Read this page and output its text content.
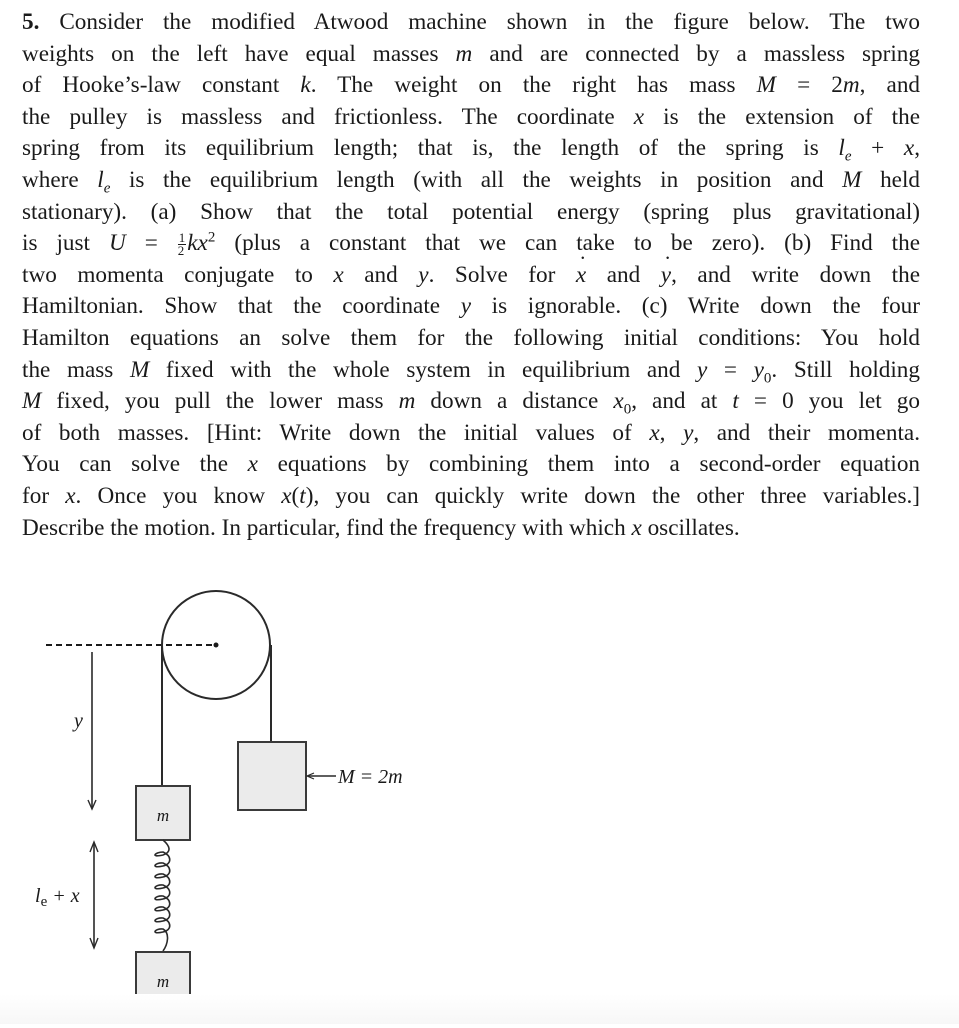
5. Consider the modified Atwood machine shown in the figure below. The two
weights on the left have equal masses m and are connected by a massless spring
of Hooke’s-law constant k. The weight on the right has mass M = 2m, and
the pulley is massless and frictionless. The coordinate x is the extension of the
spring from its equilibrium length; that is, the length of the spring is $l_e + x$,
where $l_e$ is the equilibrium length (with all the weights in position and M held
stationary). (a) Show that the total potential energy (spring plus gravitational)
is just $U = \frac{1}{2} kx^2$ (plus a constant that we can take to be zero). (b) Find the
two momenta conjugate to x and y. Solve for x ˙ and y ˙, and write down the
Hamiltonian. Show that the coordinate y is ignorable. (c) Write down the four
Hamilton equations an solve them for the following initial conditions: You hold
the mass M fixed with the whole system in equilibrium and $y = y_0$. Still holding
M fixed, you pull the lower mass m down a distance $x_0$, and at t = 0 you let go
of both masses. [Hint: Write down the initial values of x, y, and their momenta.
You can solve the x equations by combining them into a second-order equation
for x. Once you know x(t), you can quickly write down the other three variables.]
Describe the motion. In particular, find the frequency with which x oscillates.
y
M = 2m
m
$l_e + x$
m
